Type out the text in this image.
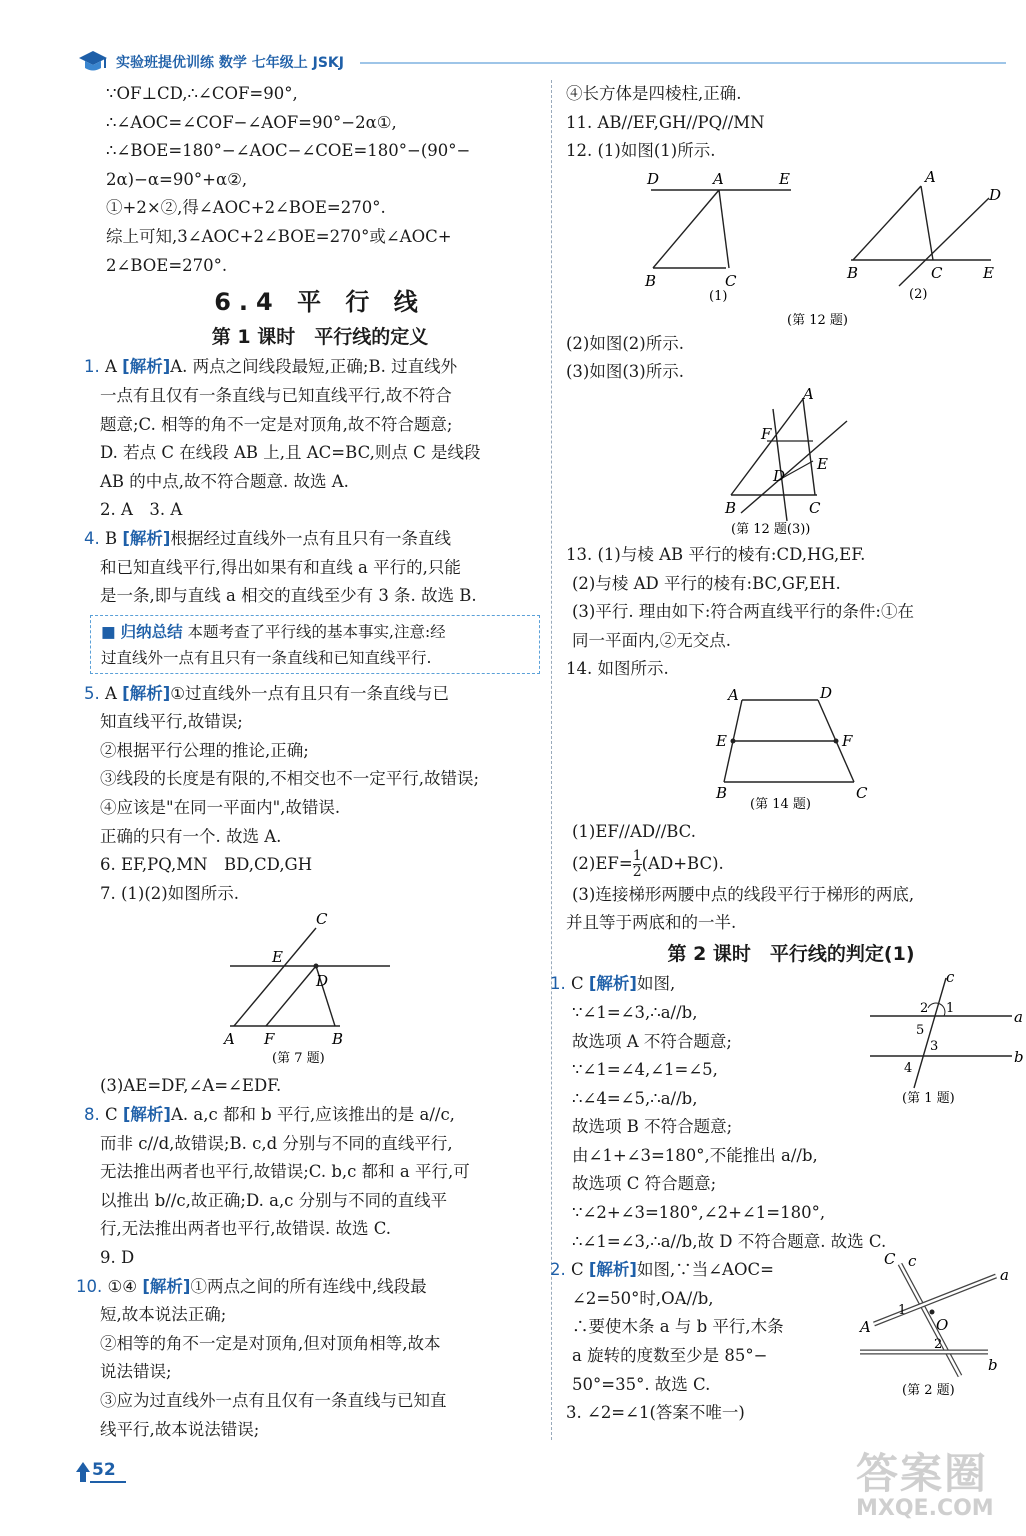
实验班提优训练 数学 七年级上 JSKJ
∵OF⊥CD,∴∠COF=90°,
∴∠AOC=∠COF−∠AOF=90°−2α①,
∴∠BOE=180°−∠AOC−∠COE=180°−(90°−
2α)−α=90°+α②,
①+2×②,得∠AOC+2∠BOE=270°.
综上可知,3∠AOC+2∠BOE=270°或∠AOC+
2∠BOE=270°.
6.4 平 行 线
第 1 课时　平行线的定义
1. A [解析]A. 两点之间线段最短,正确;B. 过直线外
一点有且仅有一条直线与已知直线平行,故不符合
题意;C. 相等的角不一定是对顶角,故不符合题意;
D. 若点 C 在线段 AB 上,且 AC=BC,则点 C 是线段
AB 的中点,故不符合题意. 故选 A.
2. A　3. A
4. B [解析]根据经过直线外一点有且只有一条直线
和已知直线平行,得出如果有和直线 a 平行的,只能
是一条,即与直线 a 相交的直线至少有 3 条. 故选 B.
■ 归纳总结 本题考查了平行线的基本事实,注意:经
过直线外一点有且只有一条直线和已知直线平行.
5. A [解析]①过直线外一点有且只有一条直线与已
知直线平行,故错误;
②根据平行公理的推论,正确;
③线段的长度是有限的,不相交也不一定平行,故错误;
④应该是"在同一平面内",故错误.
正确的只有一个. 故选 A.
6. EF,PQ,MN　BD,CD,GH
7. (1)(2)如图所示.
C
E
D
A F	B
(第 7 题)
(3)AE=DF,∠A=∠EDF.
8. C [解析]A. a,c 都和 b 平行,应该推出的是 a//c,
而非 c//d,故错误;B. c,d 分别与不同的直线平行,
无法推出两者也平行,故错误;C. b,c 都和 a 平行,可
以推出 b//c,故正确;D. a,c 分别与不同的直线平
行,无法推出两者也平行,故错误. 故选 C.
9. D
10. ①④ [解析]①两点之间的所有连线中,线段最
短,故本说法正确;
②相等的角不一定是对顶角,但对顶角相等,故本
说法错误;
③应为过直线外一点有且仅有一条直线与已知直
线平行,故本说法错误;
④长方体是四棱柱,正确.
11. AB//EF,GH//PQ//MN
12. (1)如图(1)所示.
D	A	E
B	C
(1)
A
D
B	C	E
(2)
(第 12 题)
(2)如图(2)所示.
(3)如图(3)所示.
A
F
D
E
B	C
(第 12 题(3))
13. (1)与棱 AB 平行的棱有:CD,HG,EF.
(2)与棱 AD 平行的棱有:BC,GF,EH.
(3)平行. 理由如下:符合两直线平行的条件:①在
同一平面内,②无交点.
14. 如图所示.
A	D
E	F
B	C
(第 14 题)
(1)EF//AD//BC.
$(2)EF= \frac{1}{2} (AD+BC)$.
(3)连接梯形两腰中点的线段平行于梯形的两底,
并且等于两底和的一半.
第 2 课时　平行线的判定(1)
1. C [解析]如图,
∵∠1=∠3,∴a//b,
故选项 A 不符合题意;
∵∠1=∠4,∠1=∠5,
∴∠4=∠5,∴a//b,
故选项 B 不符合题意;
由∠1+∠3=180°,不能推出 a//b,
故选项 C 符合题意;
∵∠2+∠3=180°,∠2+∠1=180°,
∴∠1=∠3,∴a//b,故 D 不符合题意. 故选 C.
a
b
c
2 1
5
3
4
(第 1 题)
2. C [解析]如图,∵当∠AOC=
∠2=50°时,OA//b,
∴要使木条 a 与 b 平行,木条
a 旋转的度数至少是 85°−
50°=35°. 故选 C.
C c
a
A	O
b
1
2
(第 2 题)
3. ∠2=∠1(答案不唯一)
52	答案圈
MXQE.COM
